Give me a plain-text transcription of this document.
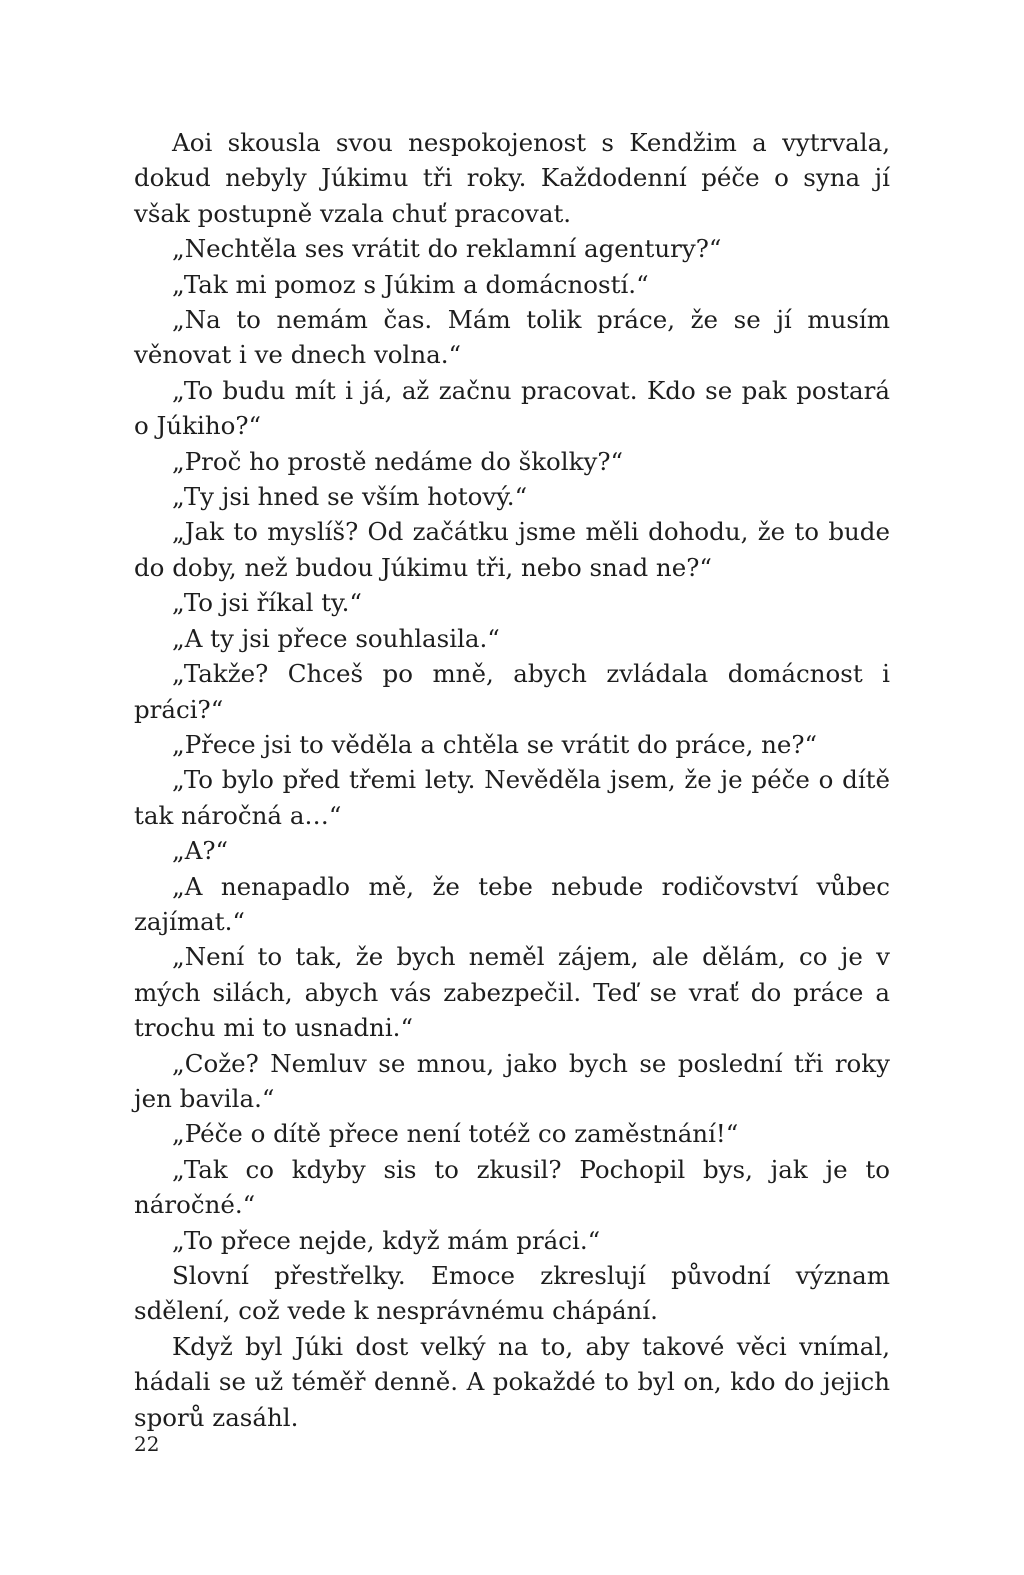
Aoi skousla svou nespokojenost s Kendžim a vytrvala, dokud nebyly Júkimu tři roky. Každodenní péče o syna jí však postupně vzala chuť pracovat.

„Nechtěla ses vrátit do reklamní agentury?“

„Tak mi pomoz s Júkim a domácností.“

„Na to nemám čas. Mám tolik práce, že se jí musím věnovat i ve dnech volna.“

„To budu mít i já, až začnu pracovat. Kdo se pak postará o Júkiho?“

„Proč ho prostě nedáme do školky?“

„Ty jsi hned se vším hotový.“

„Jak to myslíš? Od začátku jsme měli dohodu, že to bude do doby, než budou Júkimu tři, nebo snad ne?“

„To jsi říkal ty.“

„A ty jsi přece souhlasila.“

„Takže? Chceš po mně, abych zvládala domácnost i práci?“

„Přece jsi to věděla a chtěla se vrátit do práce, ne?“

„To bylo před třemi lety. Nevěděla jsem, že je péče o dítě tak náročná a…“

„A?“

„A nenapadlo mě, že tebe nebude rodičovství vůbec zajímat.“

„Není to tak, že bych neměl zájem, ale dělám, co je v mých silách, abych vás zabezpečil. Teď se vrať do práce a trochu mi to usnadni.“

„Cože? Nemluv se mnou, jako bych se poslední tři roky jen bavila.“

„Péče o dítě přece není totéž co zaměstnání!“

„Tak co kdyby sis to zkusil? Pochopil bys, jak je to náročné.“

„To přece nejde, když mám práci.“

Slovní přestřelky. Emoce zkreslují původní význam sdělení, což vede k nesprávnému chápání.

Když byl Júki dost velký na to, aby takové věci vnímal, hádali se už téměř denně. A pokaždé to byl on, kdo do jejich sporů zasáhl.

22
